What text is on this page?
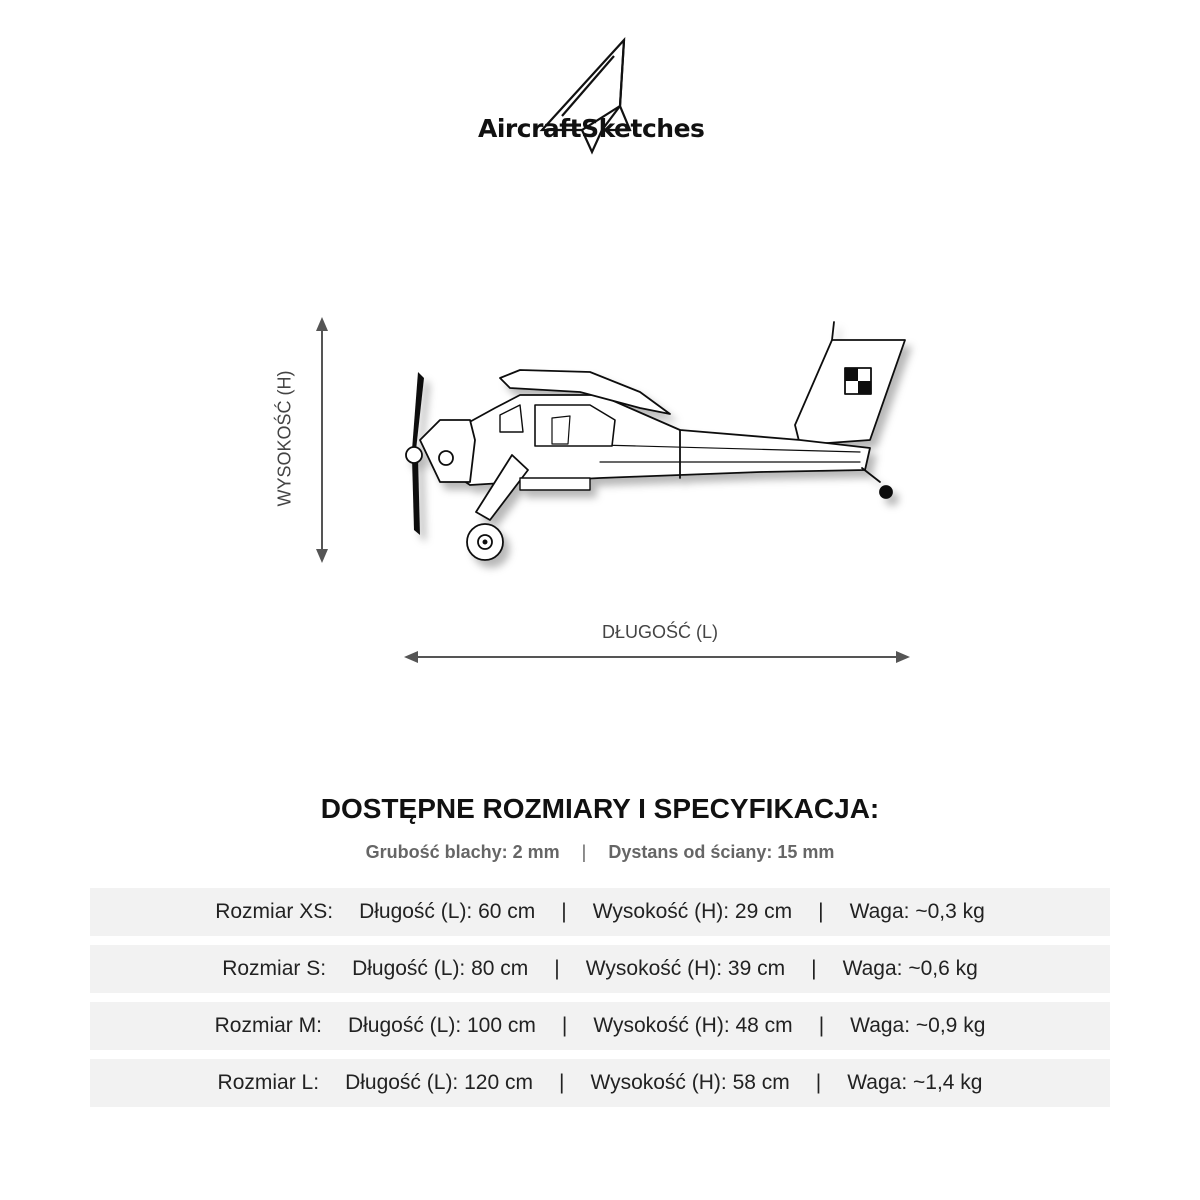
AircraftSketches
WYSOKOŚĆ (H)
DŁUGOŚĆ (L)
DOSTĘPNE ROZMIARY I SPECYFIKACJA:
Grubość blachy: 2 mm | Dystans od ściany: 15 mm
Rozmiar XS: Długość (L): 60 cm | Wysokość (H): 29 cm | Waga: ~0,3 kg
Rozmiar S: Długość (L): 80 cm | Wysokość (H): 39 cm | Waga: ~0,6 kg
Rozmiar M: Długość (L): 100 cm | Wysokość (H): 48 cm | Waga: ~0,9 kg
Rozmiar L: Długość (L): 120 cm | Wysokość (H): 58 cm | Waga: ~1,4 kg
